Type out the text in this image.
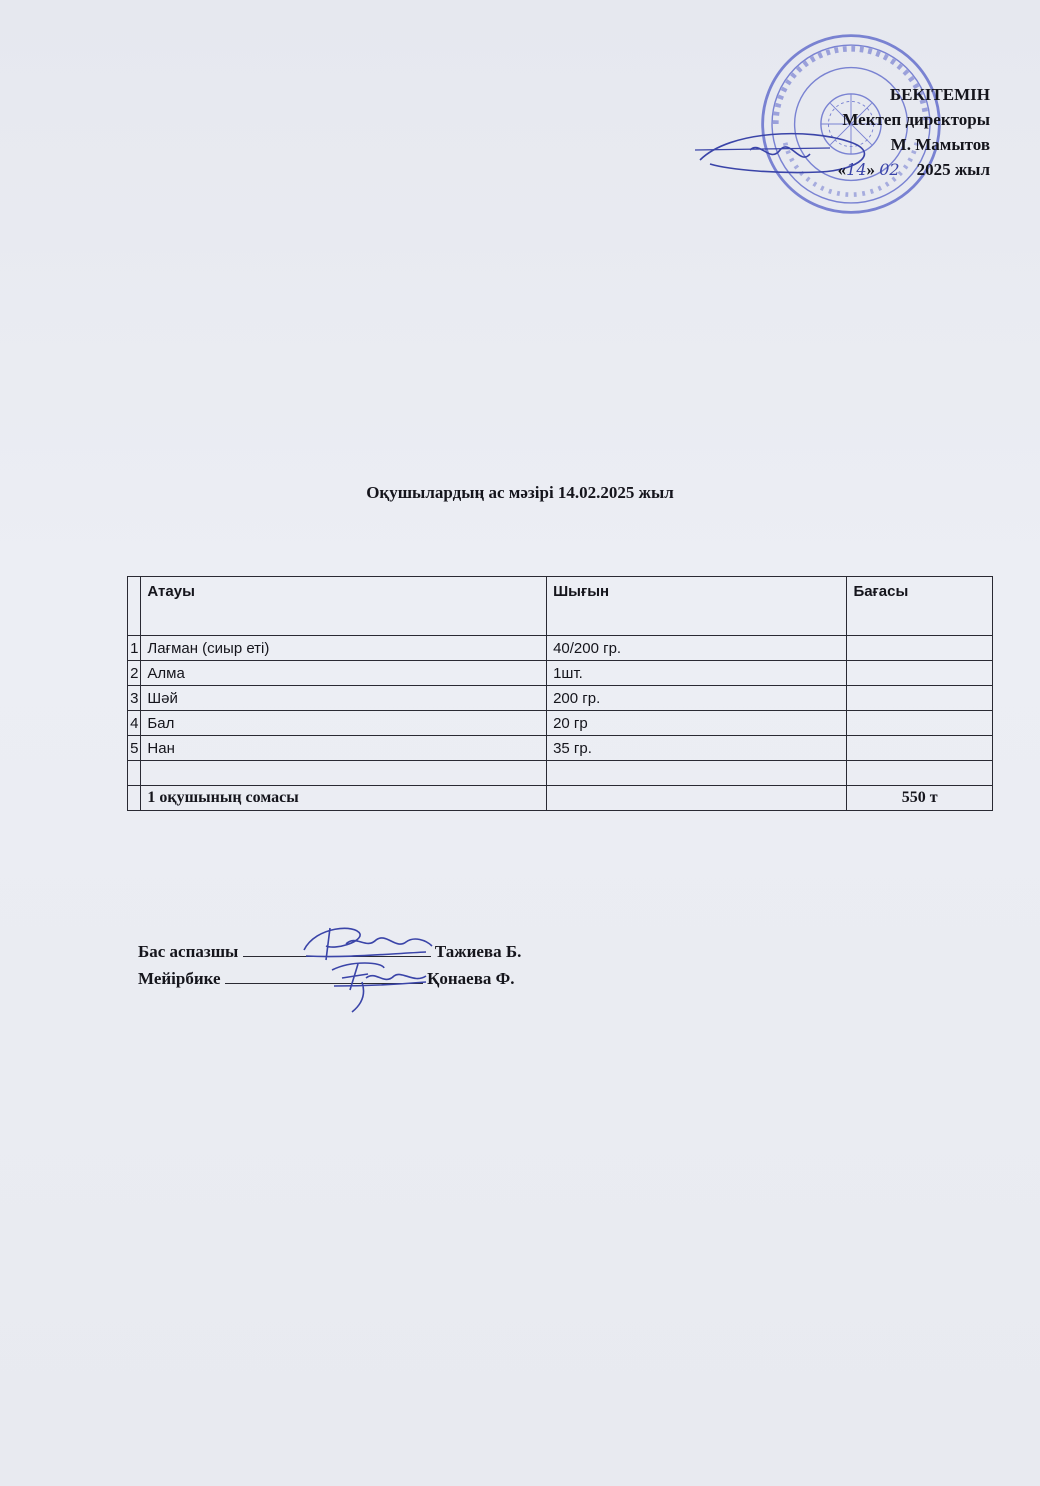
БЕКІТЕМІН
Мектеп директоры
М. Мамытов
«14» 02 2025 жыл
Оқушылардың ас мәзірі 14.02.2025 жыл
	Атауы	Шығын	Бағасы
1	Лағман (сиыр еті)	40/200 гр.	
2	Алма	1шт.	
3	Шәй	200 гр.	
4	Бал	20 гр	
5	Нан	35 гр.	

	1 оқушының сомасы		550 т
Бас аспазшы	Тажиева Б.
Мейірбике	Қонаева Ф.
